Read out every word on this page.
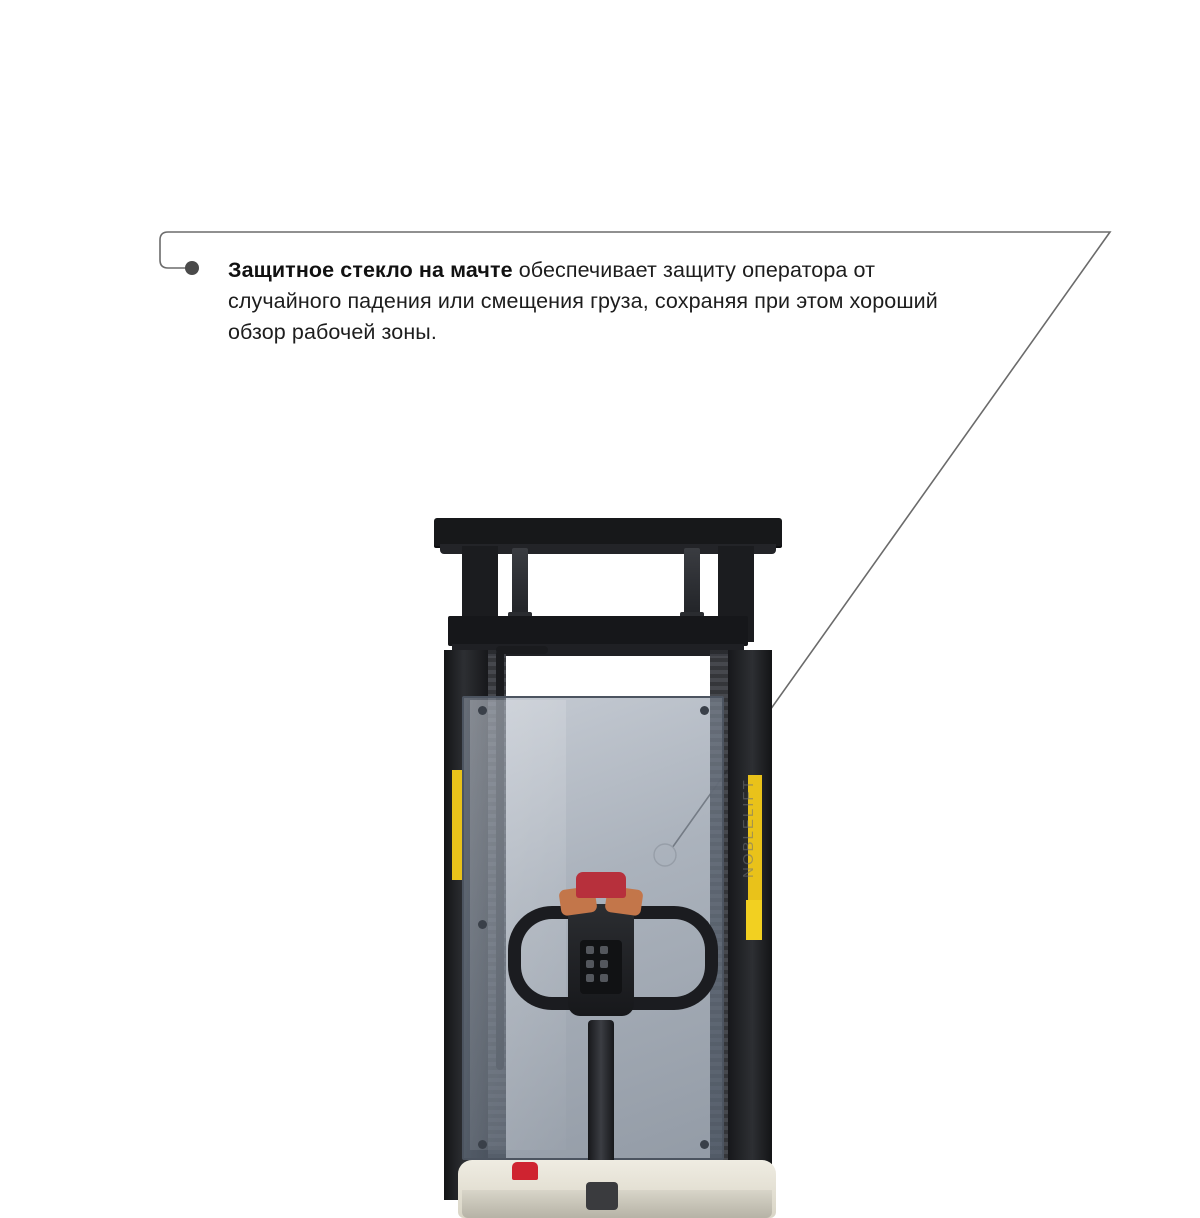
Защитное стекло на мачте обеспечивает защиту оператора от случайного падения или смещения груза, сохраняя при этом хороший обзор рабочей зоны.
NOBLELIFT
